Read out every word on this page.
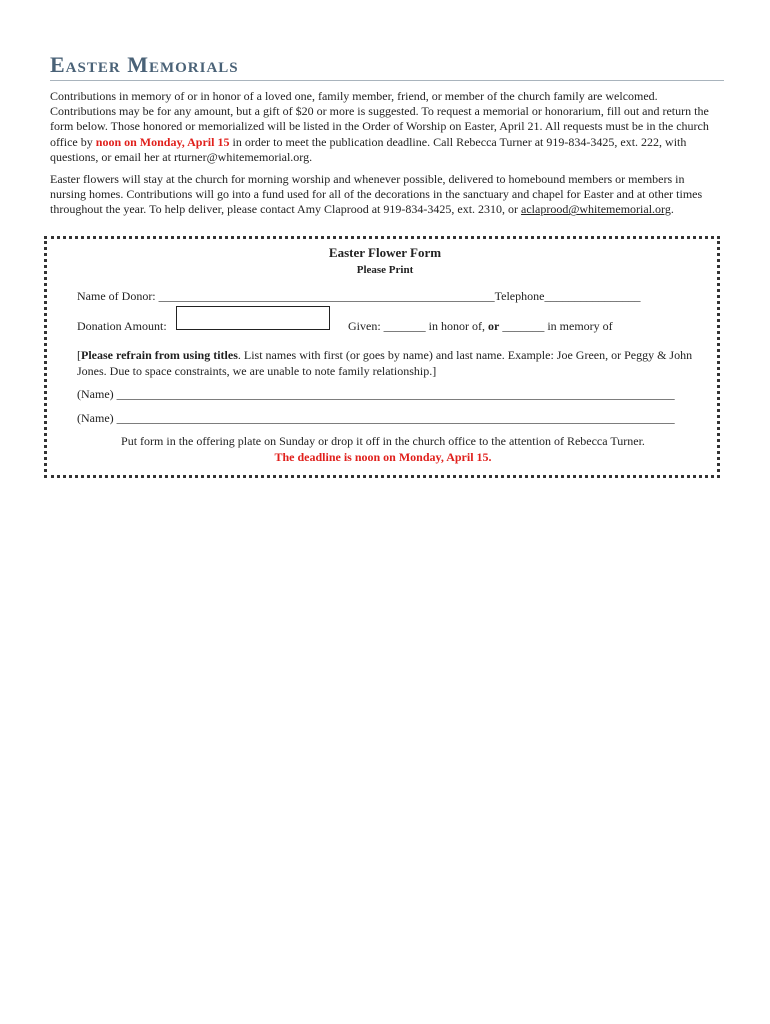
Easter Memorials

Contributions in memory of or in honor of a loved one, family member, friend, or member of the church family are welcomed. Contributions may be for any amount, but a gift of $20 or more is suggested. To request a memorial or honorarium, fill out and return the form below. Those honored or memorialized will be listed in the Order of Worship on Easter, April 21. All requests must be in the church office by noon on Monday, April 15 in order to meet the publication deadline. Call Rebecca Turner at 919-834-3425, ext. 222, with questions, or email her at rturner@whitememorial.org.

Easter flowers will stay at the church for morning worship and whenever possible, delivered to homebound members or members in nursing homes. Contributions will go into a fund used for all of the decorations in the sanctuary and chapel for Easter and at other times throughout the year. To help deliver, please contact Amy Claprood at 919-834-3425, ext. 2310, or aclaprood@whitememorial.org.

Easter Flower Form
Please Print
Name of Donor: ________________________________________________________Telephone________________
Donation Amount:	Given: _______ in honor of, or _______ in memory of

[Please refrain from using titles. List names with first (or goes by name) and last name. Example: Joe Green, or Peggy & John Jones. Due to space constraints, we are unable to note family relationship.]

(Name) _____________________________________________________________________________________________
(Name) _____________________________________________________________________________________________
Put form in the offering plate on Sunday or drop it off in the church office to the attention of Rebecca Turner.
The deadline is noon on Monday, April 15.
